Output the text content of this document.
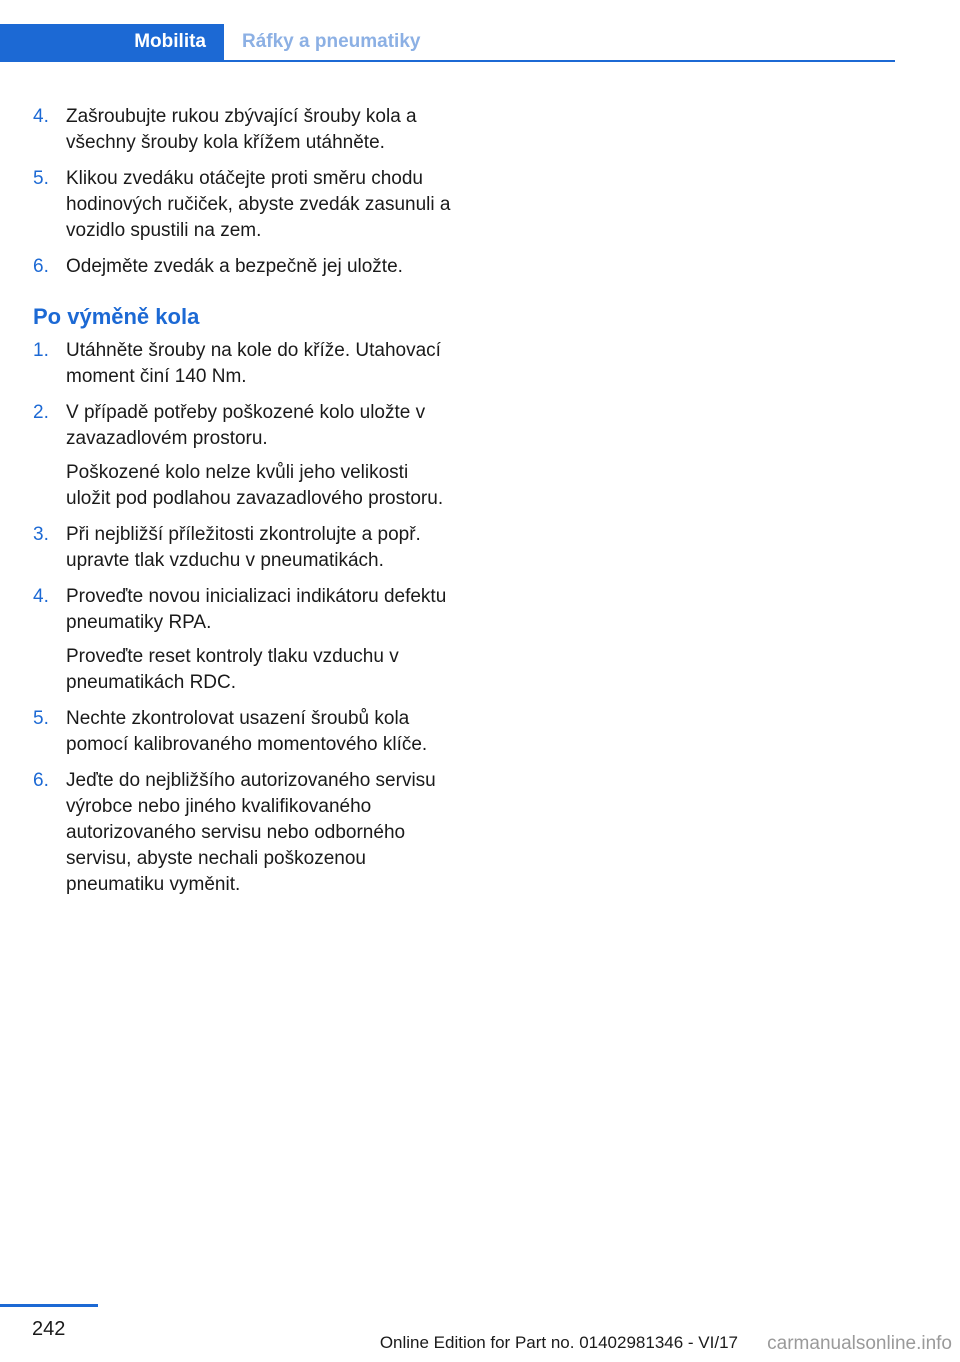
Mobilita Ráfky a pneumatiky
4. Zašroubujte rukou zbývající šrouby kola a všechny šrouby kola křížem utáhněte.

5. Klikou zvedáku otáčejte proti směru chodu hodinových ručiček, abyste zvedák zasunuli a vozidlo spustili na zem.

6. Odejměte zvedák a bezpečně jej uložte.

Po výměně kola
1. Utáhněte šrouby na kole do kříže. Utahovací moment činí 140 Nm.

2. V případě potřeby poškozené kolo uložte v zavazadlovém prostoru.

Poškozené kolo nelze kvůli jeho velikosti uložit pod podlahou zavazadlového prostoru.

3. Při nejbližší příležitosti zkontrolujte a popř. upravte tlak vzduchu v pneumatikách.

4. Proveďte novou inicializaci indikátoru defektu pneumatiky RPA.

Proveďte reset kontroly tlaku vzduchu v pneumatikách RDC.

5. Nechte zkontrolovat usazení šroubů kola pomocí kalibrovaného momentového klíče.

6. Jeďte do nejbližšího autorizovaného servisu výrobce nebo jiného kvalifikovaného autorizovaného servisu nebo odborného servisu, abyste nechali poškozenou pneumatiku vyměnit.

242
Online Edition for Part no. 01402981346 - VI/17 carmanualsonline.info
